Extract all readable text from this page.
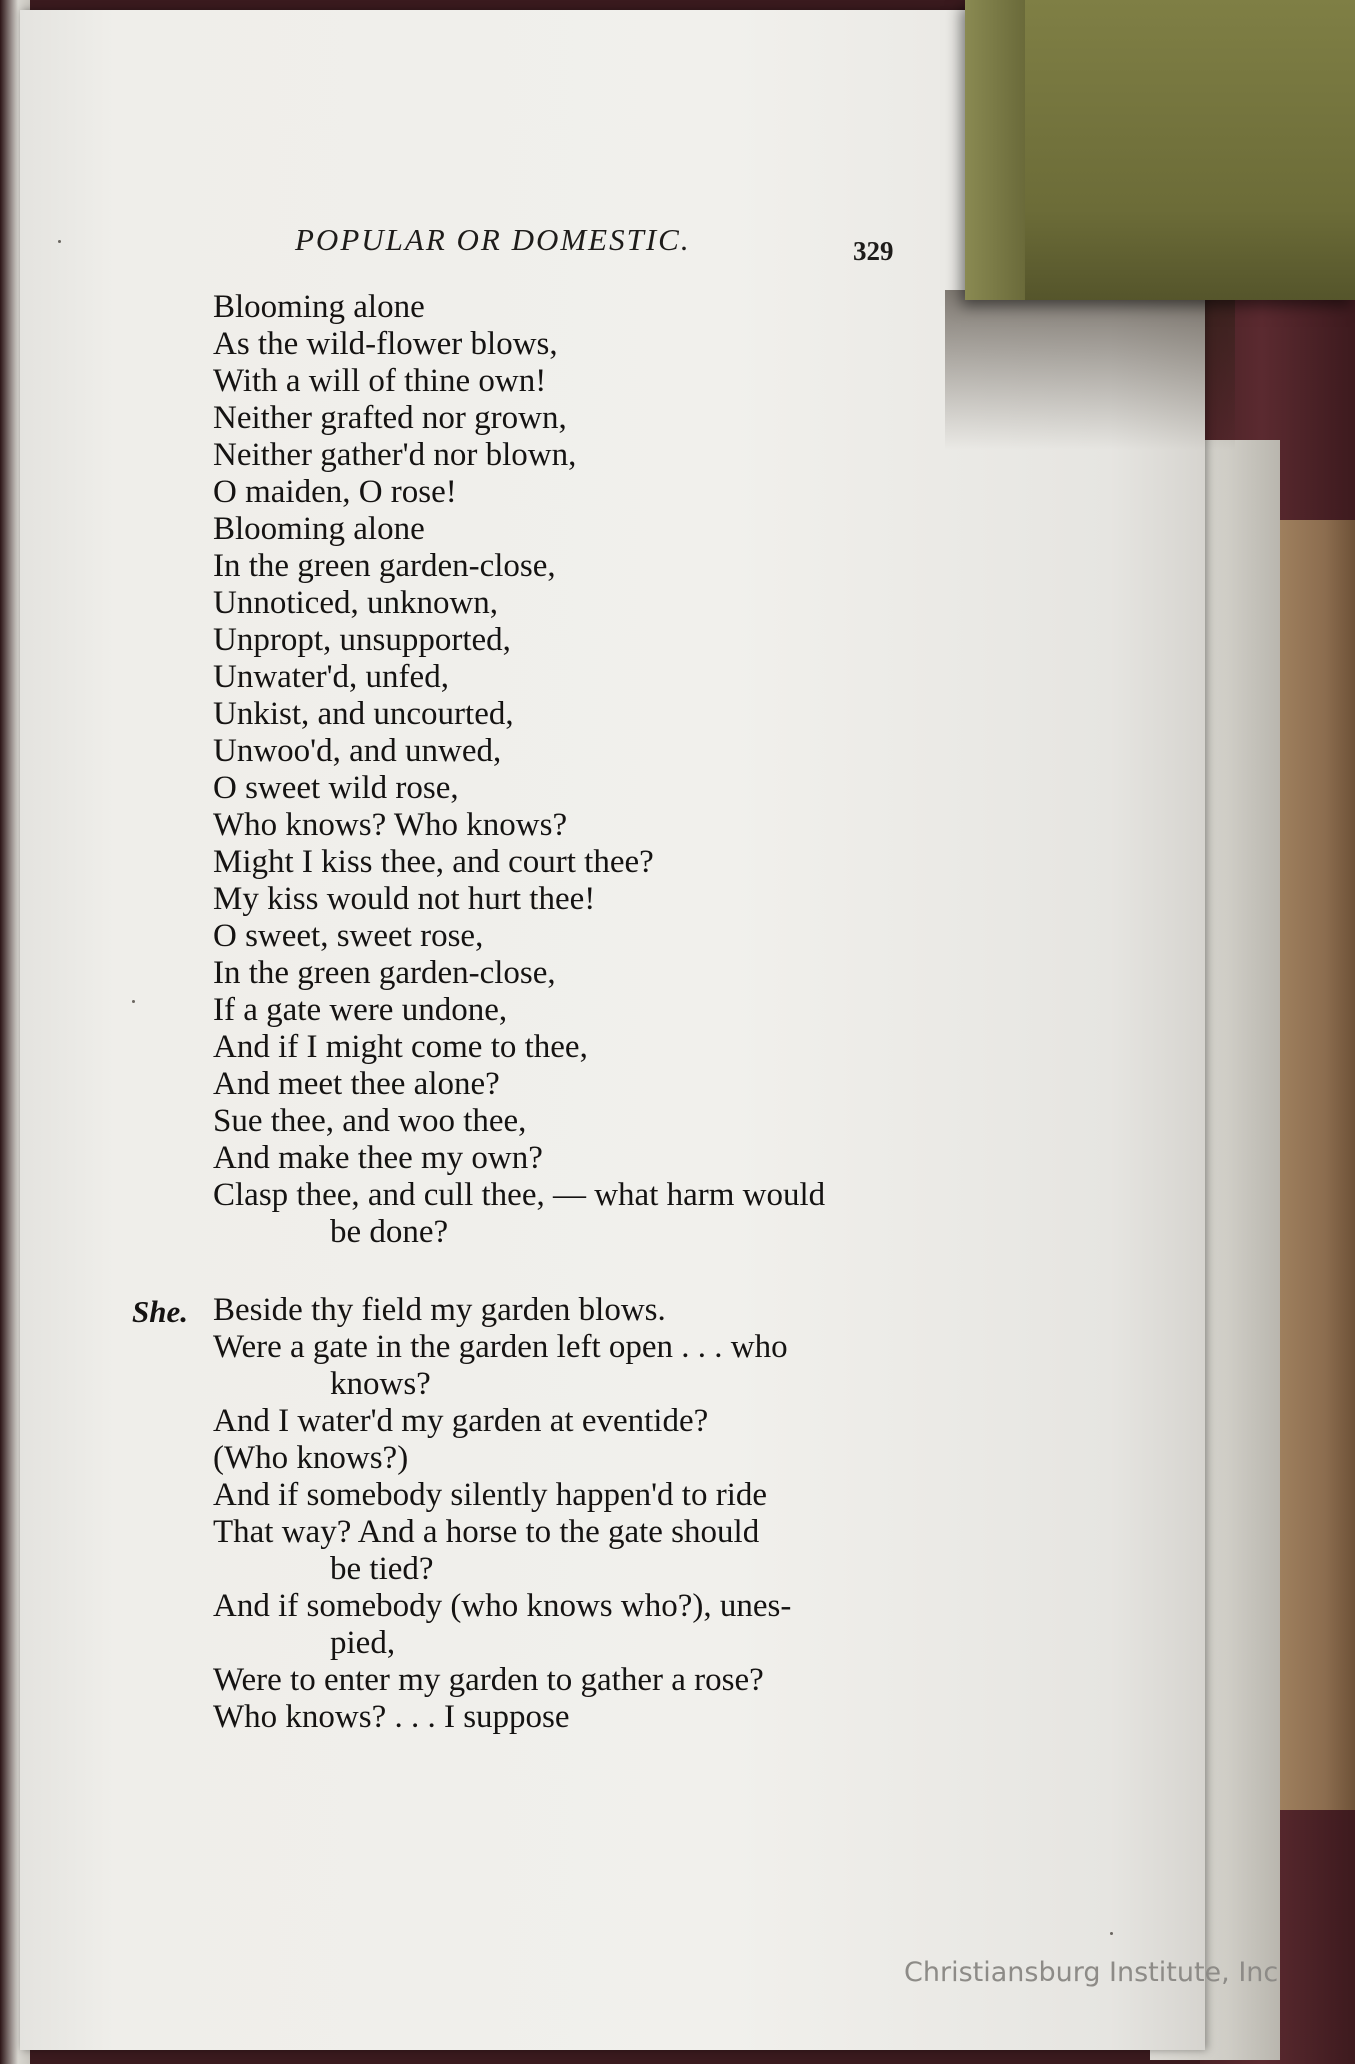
POPULAR OR DOMESTIC.	329
She.
Blooming alone
As the wild-flower blows,
With a will of thine own!
Neither grafted nor grown,
Neither gather'd nor blown,
O maiden, O rose!
Blooming alone
In the green garden-close,
Unnoticed, unknown,
Unpropt, unsupported,
Unwater'd, unfed,
Unkist, and uncourted,
Unwoo'd, and unwed,
O sweet wild rose,
Who knows? Who knows?
Might I kiss thee, and court thee?
My kiss would not hurt thee!
O sweet, sweet rose,
In the green garden-close,
If a gate were undone,
And if I might come to thee,
And meet thee alone?
Sue thee, and woo thee,
And make thee my own?
Clasp thee, and cull thee, — what harm would
be done?
Beside thy field my garden blows.
Were a gate in the garden left open . . . who
knows?
And I water'd my garden at eventide?
(Who knows?)
And if somebody silently happen'd to ride
That way? And a horse to the gate should
be tied?
And if somebody (who knows who?), unes-
pied,
Were to enter my garden to gather a rose?
Who knows? . . . I suppose
Christiansburg Institute, Inc
